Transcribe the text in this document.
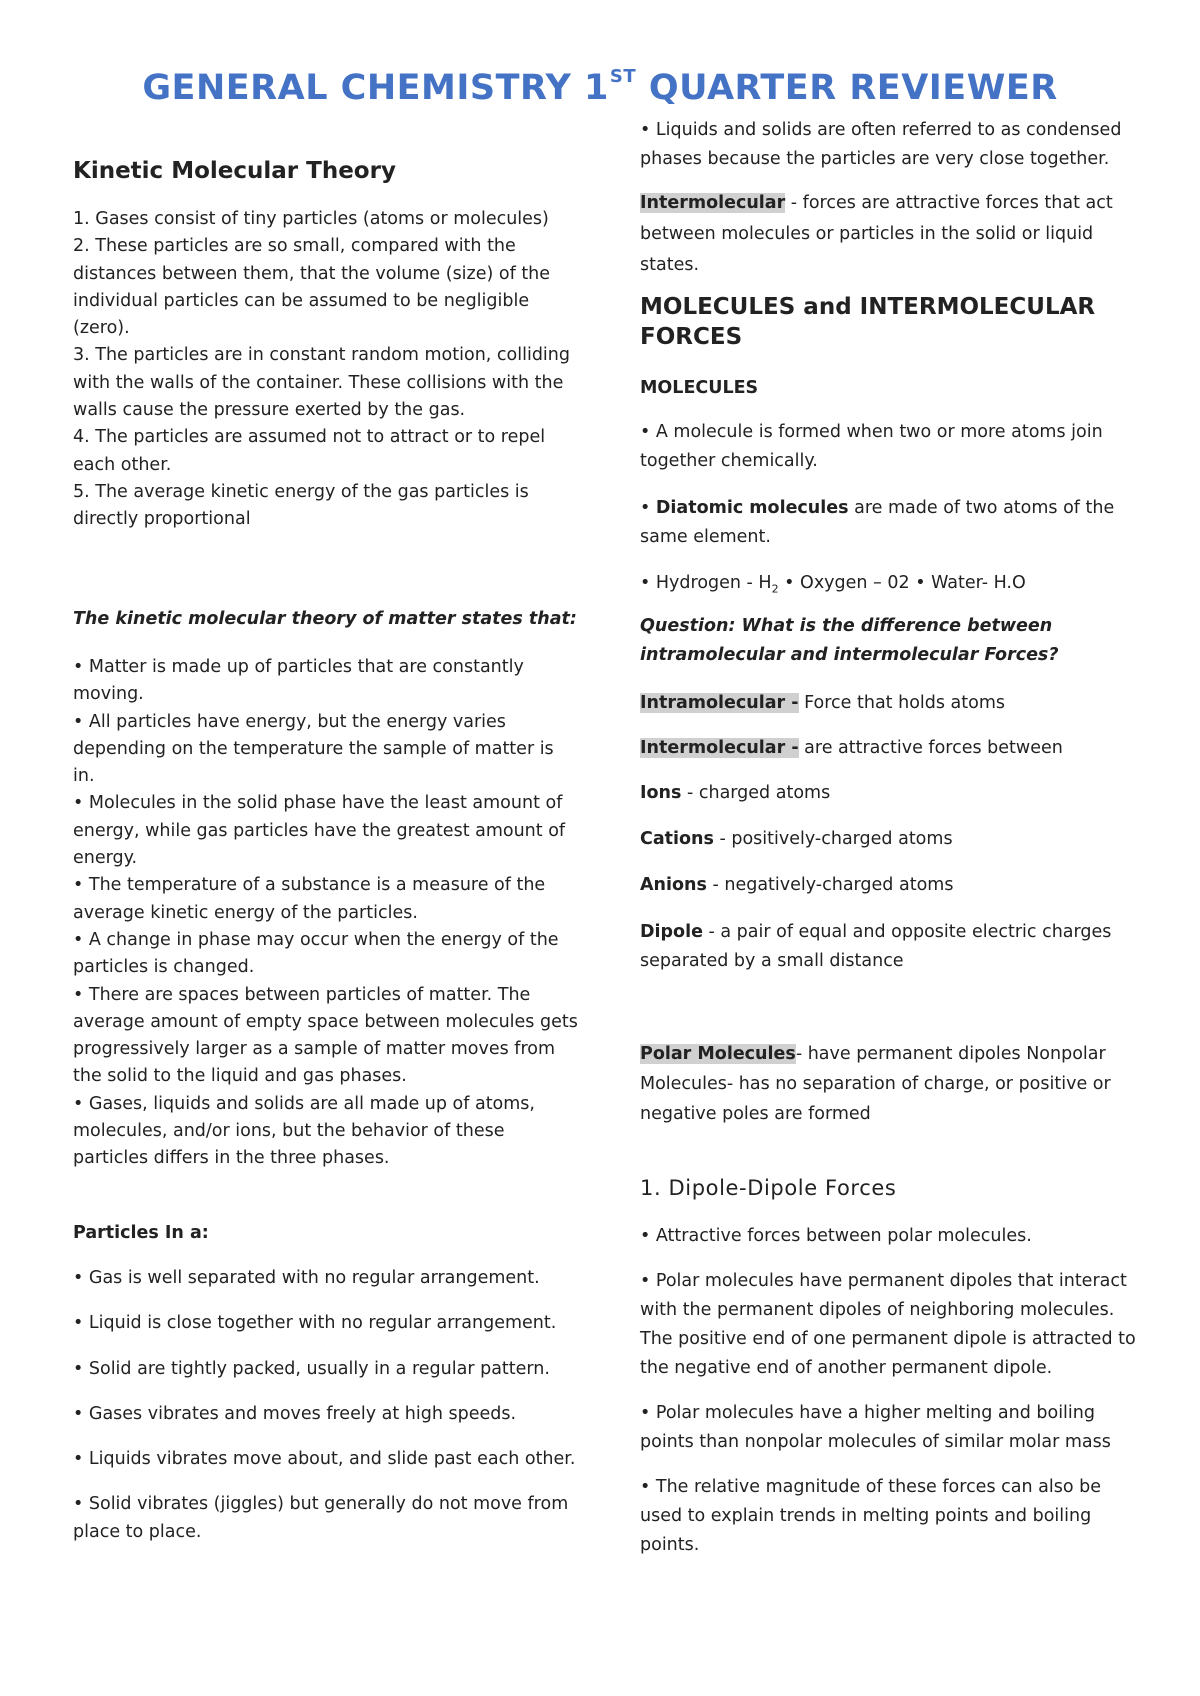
GENERAL CHEMISTRY 1ST QUARTER REVIEWER
Kinetic Molecular Theory

1. Gases consist of tiny particles (atoms or molecules)

2. These particles are so small, compared with the distances between them, that the volume (size) of the individual particles can be assumed to be negligible (zero).

3. The particles are in constant random motion, colliding with the walls of the container. These collisions with the walls cause the pressure exerted by the gas.

4. The particles are assumed not to attract or to repel each other.

5. The average kinetic energy of the gas particles is directly proportional

The kinetic molecular theory of matter states that:

• Matter is made up of particles that are constantly moving.

• All particles have energy, but the energy varies depending on the temperature the sample of matter is in.

• Molecules in the solid phase have the least amount of energy, while gas particles have the greatest amount of energy.

• The temperature of a substance is a measure of the average kinetic energy of the particles.

• A change in phase may occur when the energy of the particles is changed.

• There are spaces between particles of matter. The average amount of empty space between molecules gets progressively larger as a sample of matter moves from the solid to the liquid and gas phases.

• Gases, liquids and solids are all made up of atoms, molecules, and/or ions, but the behavior of these particles differs in the three phases.

Particles In a:

• Gas is well separated with no regular arrangement.

• Liquid is close together with no regular arrangement.

• Solid are tightly packed, usually in a regular pattern.

• Gases vibrates and moves freely at high speeds.

• Liquids vibrates move about, and slide past each other.

• Solid vibrates (jiggles) but generally do not move from place to place.

• Liquids and solids are often referred to as condensed phases because the particles are very close together.

Intermolecular - forces are attractive forces that act between molecules or particles in the solid or liquid states.

MOLECULES and INTERMOLECULAR FORCES

MOLECULES

• A molecule is formed when two or more atoms join together chemically.

• Diatomic molecules are made of two atoms of the same element.

• Hydrogen - $H_2$ • Oxygen – 02 • Water- H.O

Question: What is the difference between intramolecular and intermolecular Forces?

Intramolecular - Force that holds atoms

Intermolecular - are attractive forces between

Ions - charged atoms

Cations - positively-charged atoms

Anions - negatively-charged atoms

Dipole - a pair of equal and opposite electric charges separated by a small distance

Polar Molecules- have permanent dipoles Nonpolar Molecules- has no separation of charge, or positive or negative poles are formed

1. Dipole-Dipole Forces

• Attractive forces between polar molecules.

• Polar molecules have permanent dipoles that interact with the permanent dipoles of neighboring molecules. The positive end of one permanent dipole is attracted to the negative end of another permanent dipole.

• Polar molecules have a higher melting and boiling points than nonpolar molecules of similar molar mass

• The relative magnitude of these forces can also be used to explain trends in melting points and boiling points.
